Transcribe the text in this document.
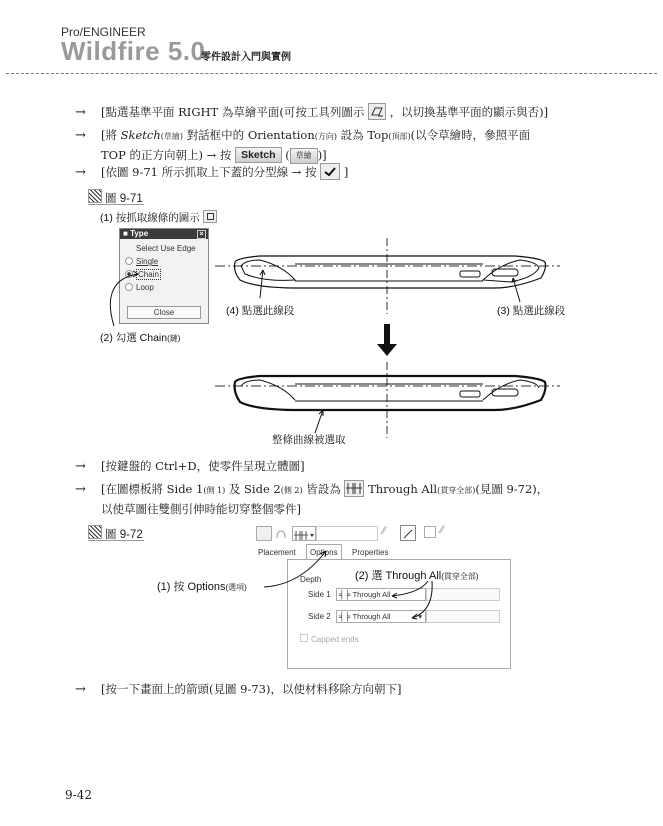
Pro/ENGINEER
Wildfire 5.0
零件設計入門與實例
→ [點選基準平面 RIGHT 為草繪平面(可按工具列圖示 ，以切換基準平面的顯示與否)]
→ [將 Sketch(草繪) 對話框中的 Orientation(方向) 設為 Top(頂部)(以令草繪時，參照平面
TOP 的正方向朝上) → 按 Sketch ( 草繪 )]
→ [依圖 9-71 所示抓取上下蓋的分型線 → 按 ]
圖 9-71
(1) 按抓取線條的圖示
■ Type	×
Select Use Edge
Single
Chain
Loop
Close
(2) 勾選 Chain(鏈)
(4) 點選此線段	(3) 點選此線段
整條曲線被選取
→ [按鍵盤的 Ctrl+D，使零件呈現立體圖]
→ [在圖標板將 Side 1(側 1) 及 Side 2(側 2) 皆設為 Through All(貫穿全部)(見圖 9-72)，
以使草圖往雙側引伸時能切穿整個零件]
圖 9-72	⁄⁄	⁄⁄
Placement	Options	Properties
Depth
Side 1	╡╞ Through All
Side 2	╡╞ Through All	▾
Capped ends
(1) 按 Options(選項)
(2) 選 Through All(貫穿全部)
→ [按一下畫面上的箭頭(見圖 9-73)，以使材料移除方向朝下]
9-42
